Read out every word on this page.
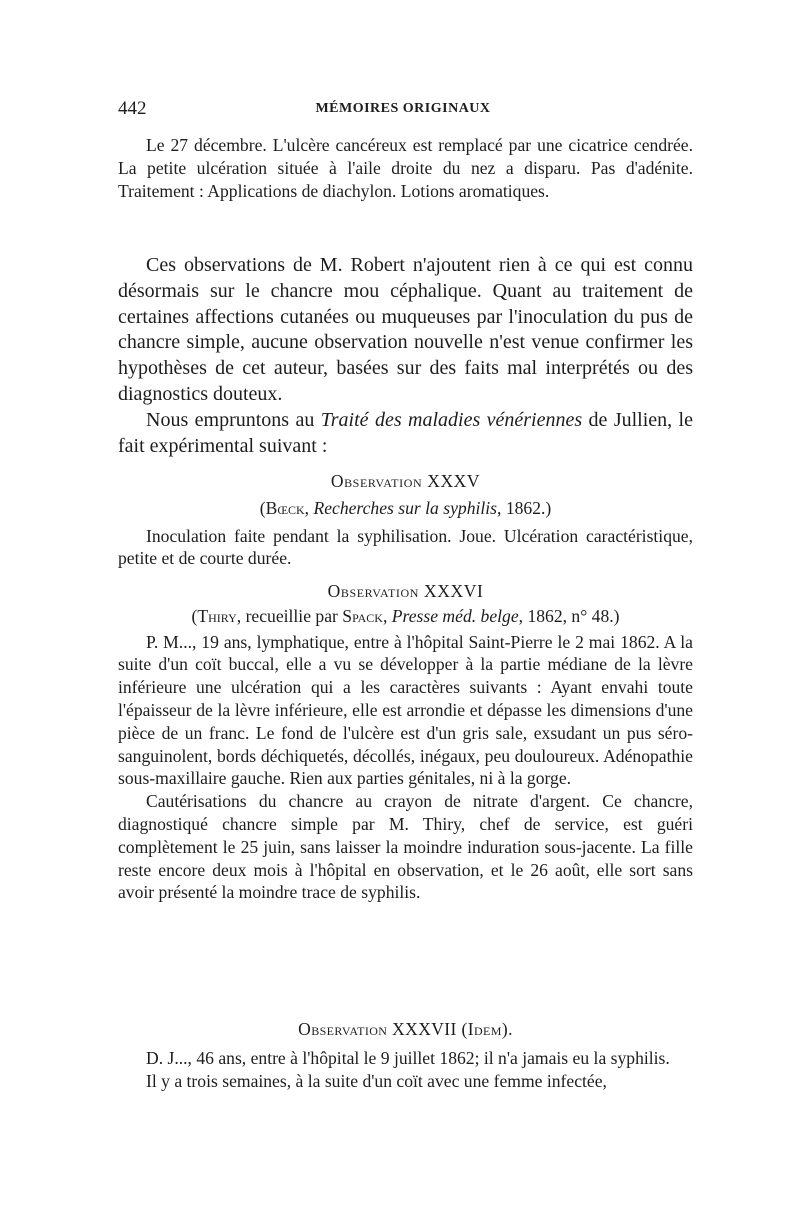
442	MÉMOIRES ORIGINAUX

Le 27 décembre. L'ulcère cancéreux est remplacé par une cicatrice cendrée. La petite ulcération située à l'aile droite du nez a disparu. Pas d'adénite. Traitement : Applications de diachylon. Lotions aromatiques.

Ces observations de M. Robert n'ajoutent rien à ce qui est connu désormais sur le chancre mou céphalique. Quant au traitement de certaines affections cutanées ou muqueuses par l'inoculation du pus de chancre simple, aucune observation nouvelle n'est venue confirmer les hypothèses de cet auteur, basées sur des faits mal interprétés ou des diagnostics douteux.

Nous empruntons au Traité des maladies vénériennes de Jullien, le fait expérimental suivant :

Observation XXXV

(Bœck, Recherches sur la syphilis, 1862.)

Inoculation faite pendant la syphilisation. Joue. Ulcération caractéristique, petite et de courte durée.

Observation XXXVI

(Thiry, recueillie par Spack, Presse méd. belge, 1862, n° 48.)

P. M..., 19 ans, lymphatique, entre à l'hôpital Saint-Pierre le 2 mai 1862. A la suite d'un coït buccal, elle a vu se développer à la partie médiane de la lèvre inférieure une ulcération qui a les caractères suivants : Ayant envahi toute l'épaisseur de la lèvre inférieure, elle est arrondie et dépasse les dimensions d'une pièce de un franc. Le fond de l'ulcère est d'un gris sale, exsudant un pus séro-sanguinolent, bords déchiquetés, décollés, inégaux, peu douloureux. Adénopathie sous-maxillaire gauche. Rien aux parties génitales, ni à la gorge.

Cautérisations du chancre au crayon de nitrate d'argent. Ce chancre, diagnostiqué chancre simple par M. Thiry, chef de service, est guéri complètement le 25 juin, sans laisser la moindre induration sous-jacente. La fille reste encore deux mois à l'hôpital en observation, et le 26 août, elle sort sans avoir présenté la moindre trace de syphilis.

Observation XXXVII (Idem).

D. J..., 46 ans, entre à l'hôpital le 9 juillet 1862; il n'a jamais eu la syphilis.

Il y a trois semaines, à la suite d'un coït avec une femme infectée,
